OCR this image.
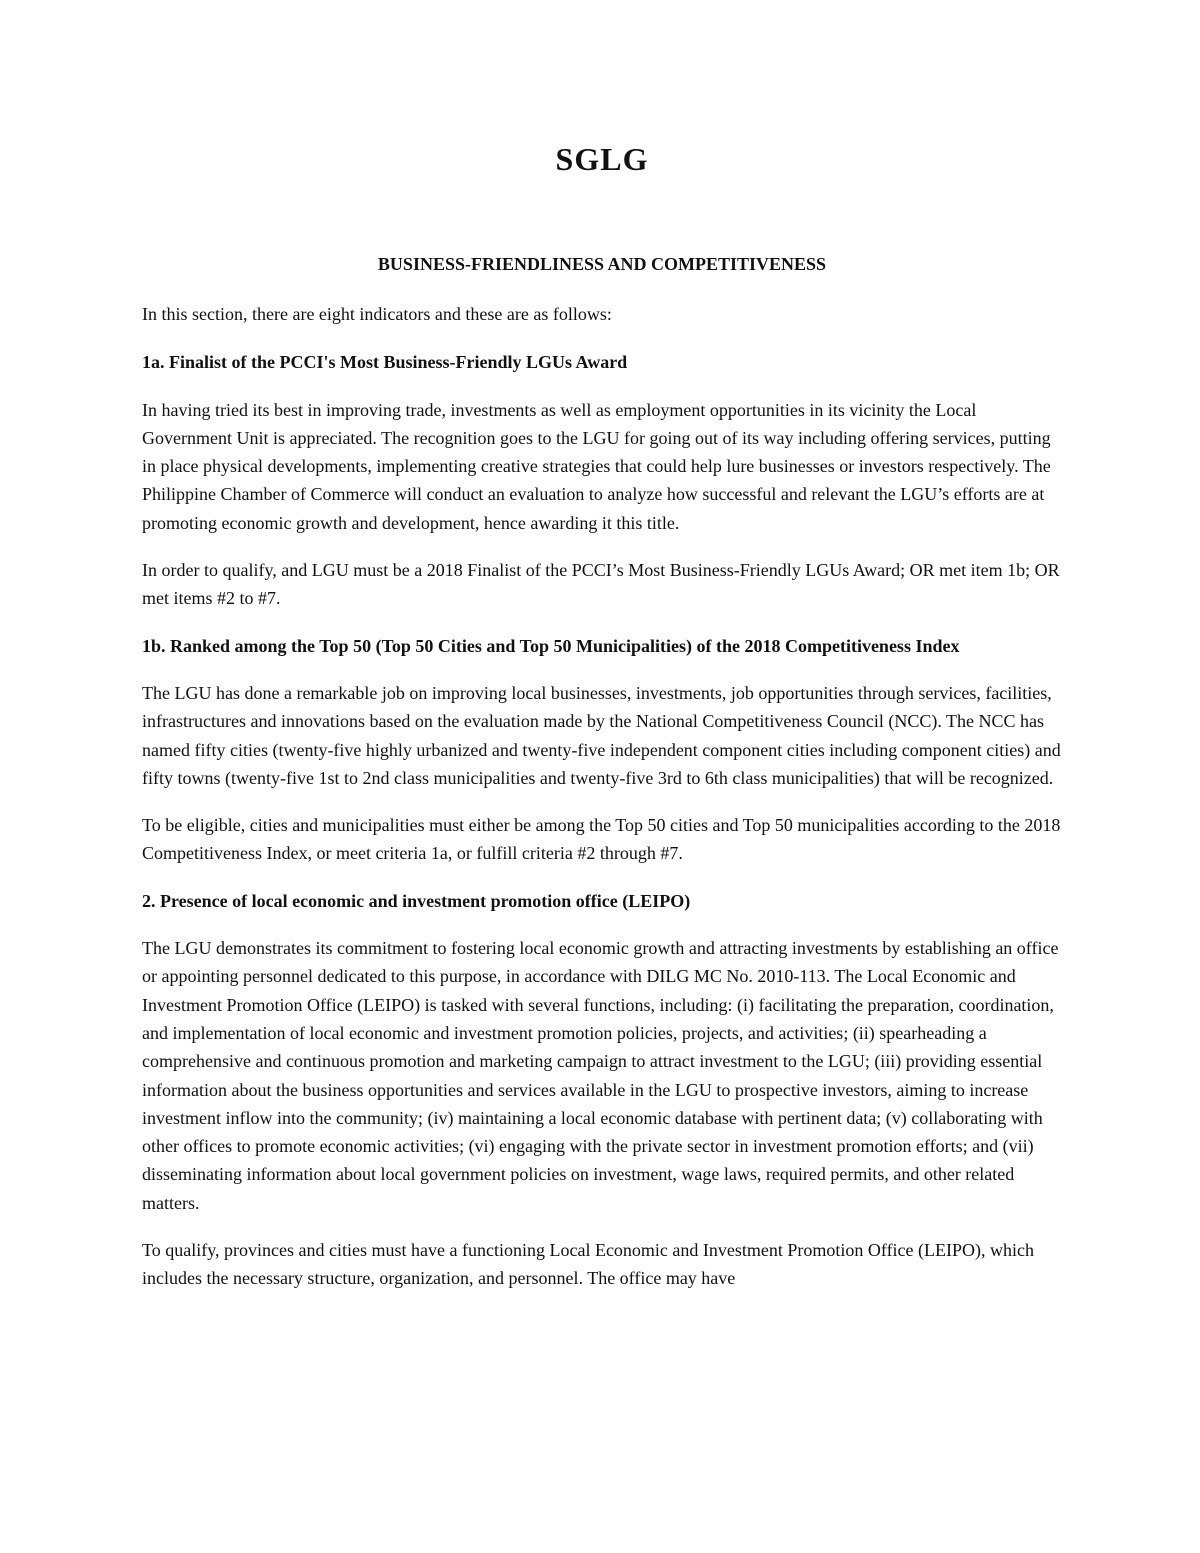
SGLG
BUSINESS-FRIENDLINESS AND COMPETITIVENESS

In this section, there are eight indicators and these are as follows:

1a. Finalist of the PCCI's Most Business-Friendly LGUs Award

In having tried its best in improving trade, investments as well as employment opportunities in its vicinity the Local Government Unit is appreciated. The recognition goes to the LGU for going out of its way including offering services, putting in place physical developments, implementing creative strategies that could help lure businesses or investors respectively. The Philippine Chamber of Commerce will conduct an evaluation to analyze how successful and relevant the LGU’s efforts are at promoting economic growth and development, hence awarding it this title.

In order to qualify, and LGU must be a 2018 Finalist of the PCCI’s Most Business-Friendly LGUs Award; OR met item 1b; OR met items #2 to #7.

1b. Ranked among the Top 50 (Top 50 Cities and Top 50 Municipalities) of the 2018 Competitiveness Index

The LGU has done a remarkable job on improving local businesses, investments, job opportunities through services, facilities, infrastructures and innovations based on the evaluation made by the National Competitiveness Council (NCC). The NCC has named fifty cities (twenty-five highly urbanized and twenty-five independent component cities including component cities) and fifty towns (twenty-five 1st to 2nd class municipalities and twenty-five 3rd to 6th class municipalities) that will be recognized.

To be eligible, cities and municipalities must either be among the Top 50 cities and Top 50 municipalities according to the 2018 Competitiveness Index, or meet criteria 1a, or fulfill criteria #2 through #7.

2. Presence of local economic and investment promotion office (LEIPO)

The LGU demonstrates its commitment to fostering local economic growth and attracting investments by establishing an office or appointing personnel dedicated to this purpose, in accordance with DILG MC No. 2010-113. The Local Economic and Investment Promotion Office (LEIPO) is tasked with several functions, including: (i) facilitating the preparation, coordination, and implementation of local economic and investment promotion policies, projects, and activities; (ii) spearheading a comprehensive and continuous promotion and marketing campaign to attract investment to the LGU; (iii) providing essential information about the business opportunities and services available in the LGU to prospective investors, aiming to increase investment inflow into the community; (iv) maintaining a local economic database with pertinent data; (v) collaborating with other offices to promote economic activities; (vi) engaging with the private sector in investment promotion efforts; and (vii) disseminating information about local government policies on investment, wage laws, required permits, and other related matters.

To qualify, provinces and cities must have a functioning Local Economic and Investment Promotion Office (LEIPO), which includes the necessary structure, organization, and personnel. The office may have
